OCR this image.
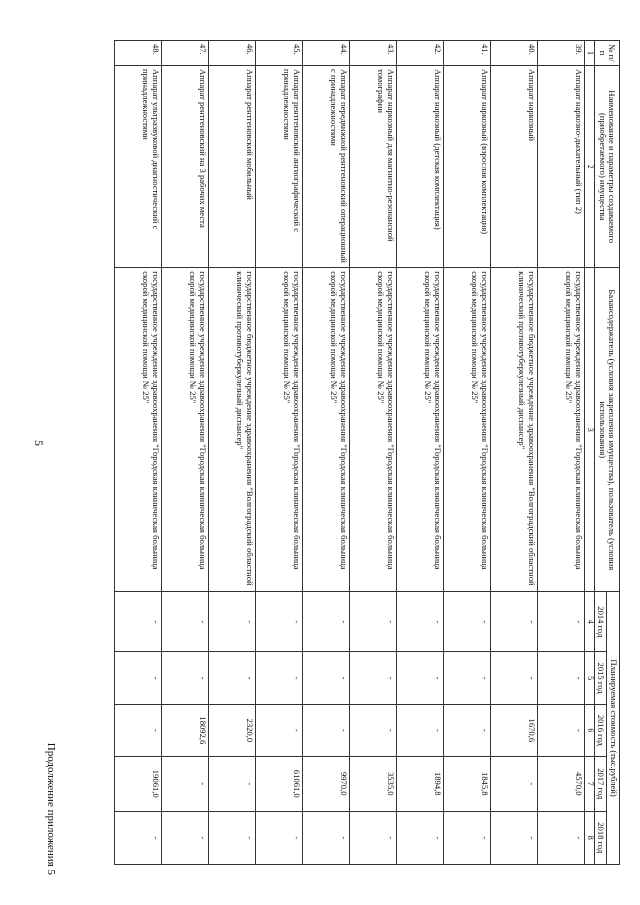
5
Продолжение приложения 5
№ п/п	Наименование и параметры создаваемого (приобретаемого) имущества	Балансодержатель (условия закрепления имущества), пользователь (условия использования)	Планируемая стоимость (тыс.рублей)				
			2014 год	2015 год	2016 год	2017 год	2018 год
1	2	3	4	5	6	7	8
39.	Аппарат наркозно-дыхательный (тип 2)	государственное учреждение здравоохранения "Городская клиническая больница скорой медицинской помощи № 25"	-	-	-	4570,0	-
40.	Аппарат наркозный	государственное бюджетное учреждение здравоохранения "Волгоградский областной клинический противотуберкулезный диспансер"	-	-	1670,6	-	-
41.	Аппарат наркозный (взрослая комплектация)	государственное учреждение здравоохранения "Городская клиническая больница скорой медицинской помощи № 25"	-	-	-	1845,8	-
42.	Аппарат наркозный (детская комплектация)	государственное учреждение здравоохранения "Городская клиническая больница скорой медицинской помощи № 25"	-	-	-	1894,8	-
43.	Аппарат наркозный для магнитно-резонансной томографии	государственное учреждение здравоохранения "Городская клиническая больница скорой медицинской помощи № 25"	-	-	-	3535,0	-
44.	Аппарат передвижной рентгеновский операционный с принадлежностями	государственное учреждение здравоохранения "Городская клиническая больница скорой медицинской помощи № 25"	-	-	-	9970,0	-
45.	Аппарат рентгеновский ангиографический с принадлежностями	государственное учреждение здравоохранения "Городская клиническая больница скорой медицинской помощи № 25"	-	-	-	61061,0	-
46.	Аппарат рентгеновский мобильный	государственное бюджетное учреждение здравоохранения "Волгоградский областной клинический противотуберкулезный диспансер"	-	-	2320,0	-	-
47.	Аппарат рентгеновский на 3 рабочих места	государственное учреждение здравоохранения "Городская клиническая больница скорой медицинской помощи № 25"	-	-	18092,6	-	-
48.	Аппарат ультразвуковой диагностический с принадлежностями	государственное учреждение здравоохранения "Городская клиническая больница скорой медицинской помощи № 25"	-	-	-	19061,0	-
